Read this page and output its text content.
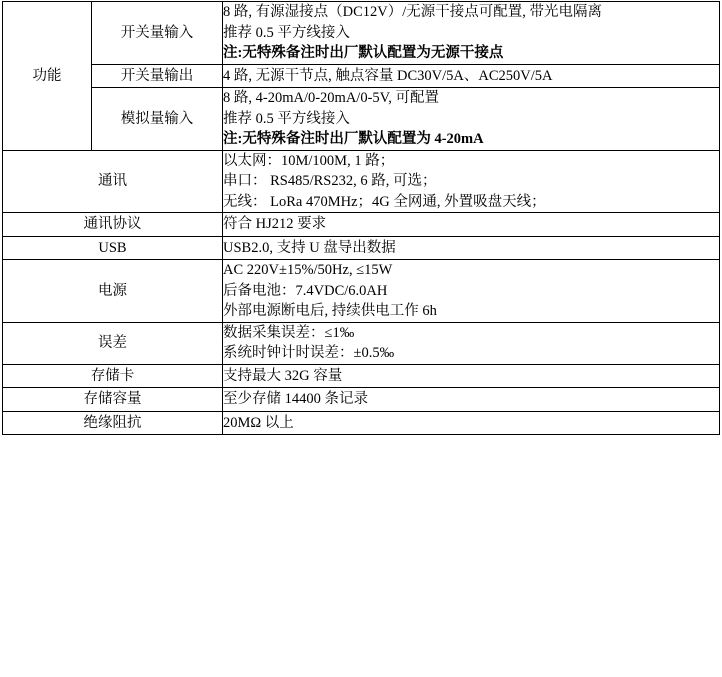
功能	开关量输入	8 路, 有源湿接点（DC12V）/无源干接点可配置, 带光电隔离
推荐 0.5 平方线接入
注:无特殊备注时出厂默认配置为无源干接点

	开关量输出	4 路, 无源干节点, 触点容量 DC30V/5A、AC250V/5A

	模拟量输入	8 路, 4-20mA/0-20mA/0-5V, 可配置
推荐 0.5 平方线接入
注:无特殊备注时出厂默认配置为 4-20mA

通讯		以太网：10M/100M, 1 路；
串口： RS485/RS232, 6 路, 可选；
无线： LoRa 470MHz；4G 全网通, 外置吸盘天线；

通讯协议		符合 HJ212 要求

USB		USB2.0, 支持 U 盘导出数据

电源		AC 220V±15%/50Hz, ≤15W
后备电池：7.4VDC/6.0AH
外部电源断电后, 持续供电工作 6h

误差		数据采集误差：≤1‰
系统时钟计时误差：±0.5‰

存储卡		支持最大 32G 容量

存储容量		至少存储 14400 条记录

绝缘阻抗		20MΩ 以上
